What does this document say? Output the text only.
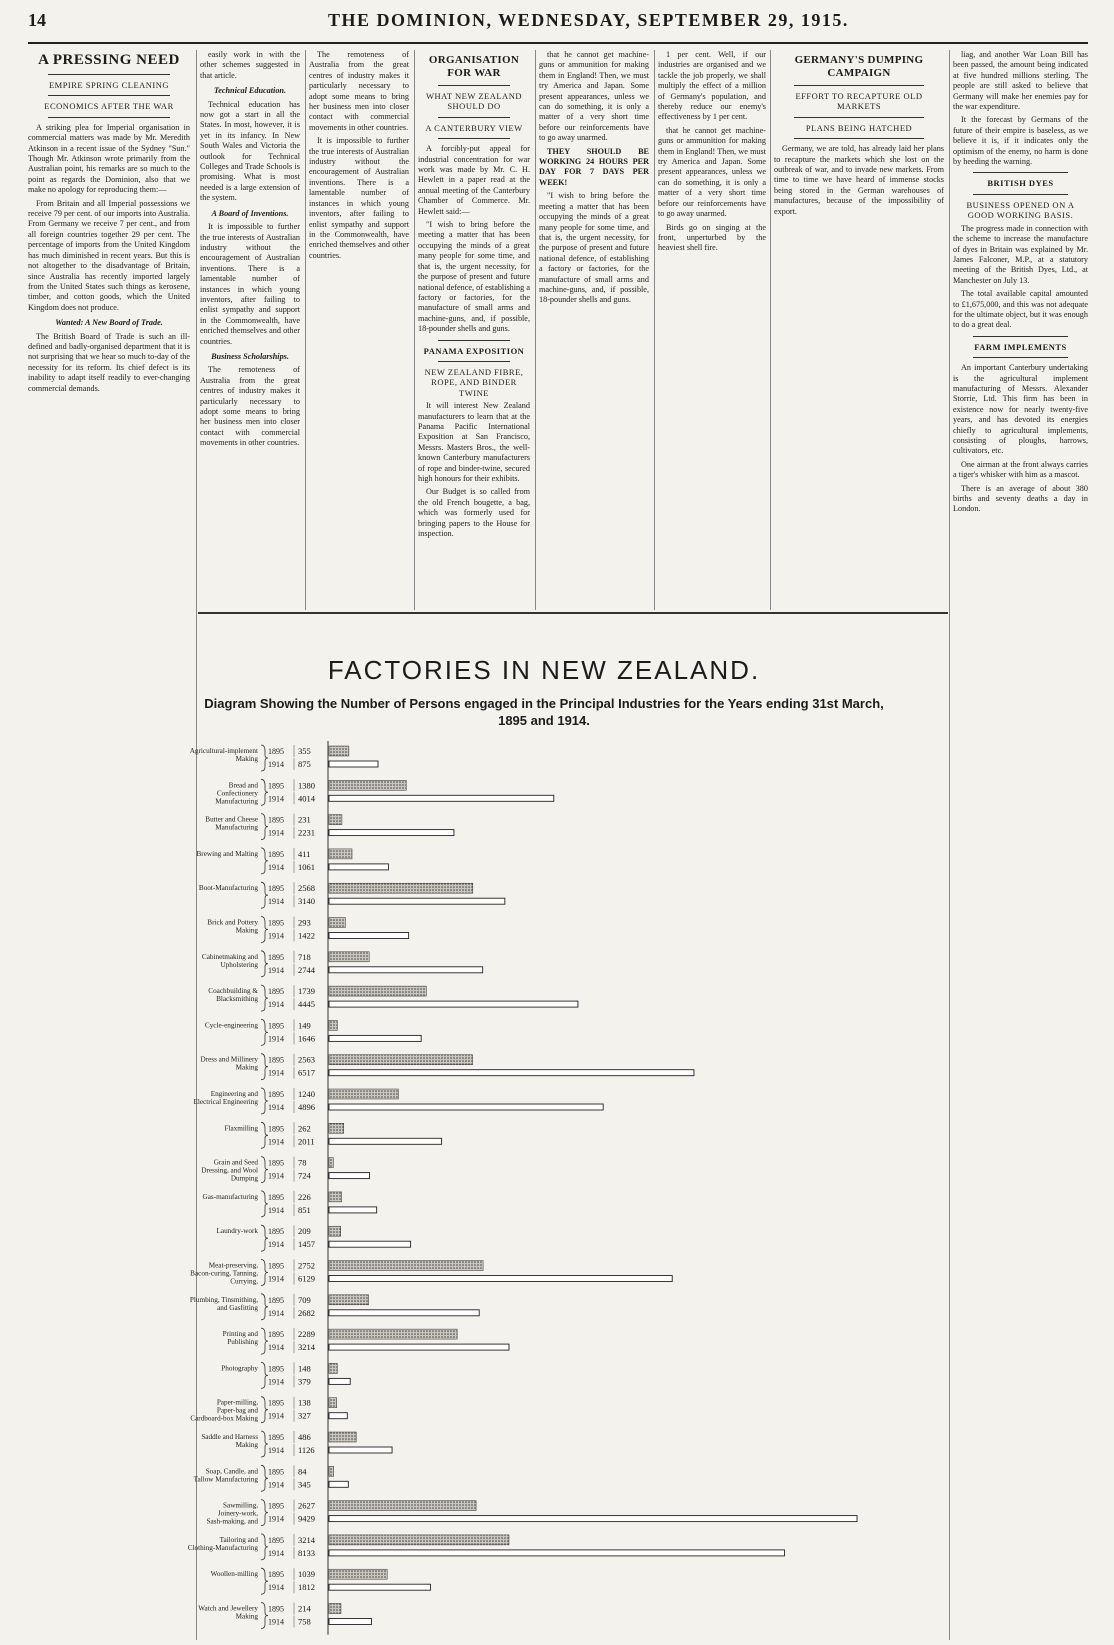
14	THE DOMINION, WEDNESDAY, SEPTEMBER 29, 1915.

A PRESSING NEED

EMPIRE SPRING CLEANING

ECONOMICS AFTER THE WAR

A striking plea for Imperial organisation in commercial matters was made by Mr. Meredith Atkinson in a recent issue of the Sydney "Sun." Though Mr. Atkinson wrote primarily from the Australian point, his remarks are so much to the point as regards the Dominion, also that we make no apology for reproducing them:—

From Britain and all Imperial possessions we receive 79 per cent. of our imports into Australia. From Germany we receive 7 per cent., and from all foreign countries together 29 per cent. The percentage of imports from the United Kingdom has much diminished in recent years. But this is not altogether to the disadvantage of Britain, since Australia has recently imported largely from the United States such things as kerosene, timber, and cotton goods, which the United Kingdom does not produce.

Wanted: A New Board of Trade.

The British Board of Trade is such an ill-defined and badly-organised department that it is not surprising that we hear so much to-day of the necessity for its reform. Its chief defect is its inability to adapt itself readily to ever-changing commercial demands.

easily work in with the other schemes suggested in that article.

Technical Education.

Technical education has now got a start in all the States. In most, however, it is yet in its infancy. In New South Wales and Victoria the outlook for Technical Colleges and Trade Schools is promising. What is most needed is a large extension of the system.

A Board of Inventions.

It is impossible to further the true interests of Australian industry without the encouragement of Australian inventions. There is a lamentable number of instances in which young inventors, after failing to enlist sympathy and support in the Commonwealth, have enriched themselves and other countries.

Business Scholarships.

The remoteness of Australia from the great centres of industry makes it particularly necessary to adopt some means to bring her business men into closer contact with commercial movements in other countries.

The remoteness of Australia from the great centres of industry makes it particularly necessary to adopt some means to bring her business men into closer contact with commercial movements in other countries.

It is impossible to further the true interests of Australian industry without the encouragement of Australian inventions. There is a lamentable number of instances in which young inventors, after failing to enlist sympathy and support in the Commonwealth, have enriched themselves and other countries.

ORGANISATION FOR WAR

WHAT NEW ZEALAND SHOULD DO

A CANTERBURY VIEW

A forcibly-put appeal for industrial concentration for war work was made by Mr. C. H. Hewlett in a paper read at the annual meeting of the Canterbury Chamber of Commerce. Mr. Hewlett said:—

"I wish to bring before the meeting a matter that has been occupying the minds of a great many people for some time, and that is, the urgent necessity, for the purpose of present and future national defence, of establishing a factory or factories, for the manufacture of small arms and machine-guns, and, if possible, 18-pounder shells and guns.

PANAMA EXPOSITION

NEW ZEALAND FIBRE, ROPE, AND BINDER TWINE

It will interest New Zealand manufacturers to learn that at the Panama Pacific International Exposition at San Francisco, Messrs. Masters Bros., the well-known Canterbury manufacturers of rope and binder-twine, secured high honours for their exhibits.

Our Budget is so called from the old French bougette, a bag, which was formerly used for bringing papers to the House for inspection.

that he cannot get machine-guns or ammunition for making them in England! Then, we must try America and Japan. Some present appearances, unless we can do something, it is only a matter of a very short time before our reinforcements have to go away unarmed.

THEY SHOULD BE WORKING 24 HOURS PER DAY FOR 7 DAYS PER WEEK!

"I wish to bring before the meeting a matter that has been occupying the minds of a great many people for some time, and that is, the urgent necessity, for the purpose of present and future national defence, of establishing a factory or factories, for the manufacture of small arms and machine-guns, and, if possible, 18-pounder shells and guns.

1 per cent. Well, if our industries are organised and we tackle the job properly, we shall multiply the effect of a million of Germany's population, and thereby reduce our enemy's effectiveness by 1 per cent.

that he cannot get machine-guns or ammunition for making them in England! Then, we must try America and Japan. Some present appearances, unless we can do something, it is only a matter of a very short time before our reinforcements have to go away unarmed.

Birds go on singing at the front, unperturbed by the heaviest shell fire.

GERMANY'S DUMPING CAMPAIGN

EFFORT TO RECAPTURE OLD MARKETS

PLANS BEING HATCHED

Germany, we are told, has already laid her plans to recapture the markets which she lost on the outbreak of war, and to invade new markets. From time to time we have heard of immense stocks being stored in the German warehouses of manufactures, because of the impossibility of export.

liag, and another War Loan Bill has been passed, the amount being indicated at five hundred millions sterling. The people are still asked to believe that Germany will make her enemies pay for the war expenditure.

It the forecast by Germans of the future of their empire is baseless, as we believe it is, if it indicates only the optimism of the enemy, no harm is done by heeding the warning.

BRITISH DYES

BUSINESS OPENED ON A GOOD WORKING BASIS.

The progress made in connection with the scheme to increase the manufacture of dyes in Britain was explained by Mr. James Falconer, M.P., at a statutory meeting of the British Dyes, Ltd., at Manchester on July 13.

The total available capital amounted to £1,675,000, and this was not adequate for the ultimate object, but it was enough to do a great deal.

FARM IMPLEMENTS

An important Canterbury undertaking is the agricultural implement manufacturing of Messrs. Alexander Storrie, Ltd. This firm has been in existence now for nearly twenty-five years, and has devoted its energies chiefly to agricultural implements, consisting of ploughs, harrows, cultivators, etc.

One airman at the front always carries a tiger's whisker with him as a mascot.

There is an average of about 380 births and seventy deaths a day in London.

FACTORIES IN NEW ZEALAND.
Diagram Showing the Number of Persons engaged in the Principal Industries for the Years ending 31st March, 1895 and 1914.
Agricultural-implement Making
1895 355
1914 875
Bread and Confectionery Manufacturing
1895 1380
1914 4014
Butter and Cheese Manufacturing
1895 231
1914 2231
Brewing and Malting 1895 411
1914 1061
Boot-Manufacturing 1895 2568
1914 3140
Brick and Pottery Making
1895 293
1914 1422
Cabinetmaking and Upholstering
1895 718
1914 2744
Coachbuilding & Blacksmithing
1895 1739
1914 4445
Cycle-engineering 1895 149
1914 1646
Dress and Millinery Making
1895 2563
1914 6517
Engineering and Electrical Engineering
1895 1240
1914 4896
Flaxmilling 1895 262
1914 2011
Grain and Seed Dressing, and Wool Dumping
1895 78
1914 724
Gas-manufacturing 1895 226
1914 851
Laundry-work 1895 209
1914 1457
Meat-preserving, Bacon-curing, Tanning, Currying,
1895 2752
1914 6129
Plumbing, Tinsmithing, and Gasfitting
1895 709
1914 2682
Printing and Publishing
1895 2289
1914 3214
Photography 1895 148
1914 379
Paper-milling, Paper-bag and Cardboard-box Making
1895 138
1914 327
Saddle and Harness Making
1895 486
1914 1126
Soap, Candle, and Tallow Manufacturing
1895 84
1914 345
Sawmilling, Joinery-work, Sash-making, and
1895 2627
1914 9429
Tailoring and Clothing-Manufacturing
1895 3214
1914 8133
Woollen-milling 1895 1039
1914 1812
Watch and Jewellery Making
1895 214
1914 758
